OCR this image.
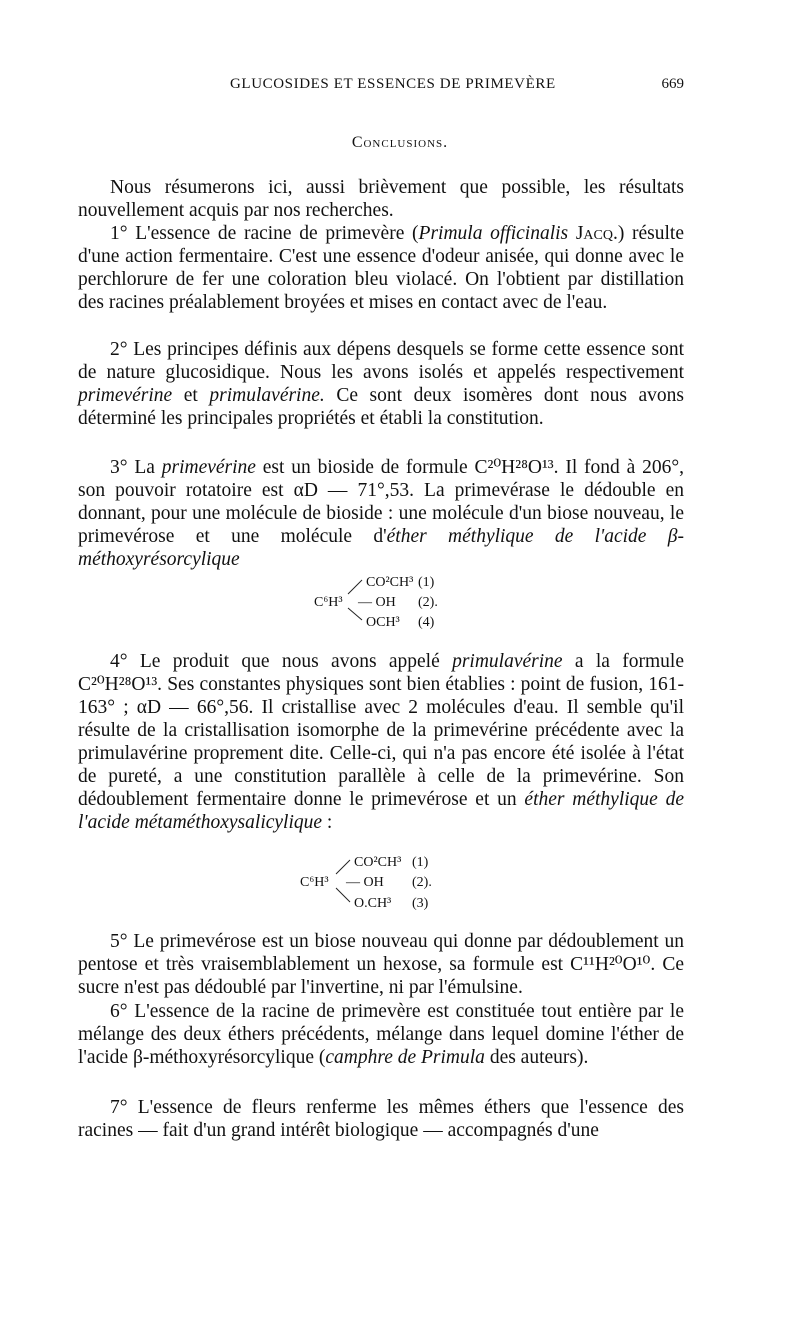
GLUCOSIDES ET ESSENCES DE PRIMEVÈRE	669
Conclusions.

Nous résumerons ici, aussi brièvement que possible, les résultats nouvellement acquis par nos recherches.

1° L'essence de racine de primevère (Primula officinalis Jacq.) résulte d'une action fermentaire. C'est une essence d'odeur anisée, qui donne avec le perchlorure de fer une coloration bleu violacé. On l'obtient par distillation des racines préalablement broyées et mises en contact avec de l'eau.

2° Les principes définis aux dépens desquels se forme cette essence sont de nature glucosidique. Nous les avons isolés et appelés respectivement primevérine et primulavérine. Ce sont deux isomères dont nous avons déterminé les principales propriétés et établi la constitution.

3° La primevérine est un bioside de formule C²⁰H²⁸O¹³. Il fond à 206°, son pouvoir rotatoire est αD — 71°,53. La primevérase le dédouble en donnant, pour une molécule de bioside : une molécule d'un biose nouveau, le primevérose et une molécule d'éther méthylique de l'acide β-méthoxyrésorcylique

C⁶H³
CO²CH³ (1)
— OH (2).
OCH³ (4)

4° Le produit que nous avons appelé primulavérine a la formule C²⁰H²⁸O¹³. Ses constantes physiques sont bien établies : point de fusion, 161-163° ; αD — 66°,56. Il cristallise avec 2 molécules d'eau. Il semble qu'il résulte de la cristallisation isomorphe de la primevérine précédente avec la primulavérine proprement dite. Celle-ci, qui n'a pas encore été isolée à l'état de pureté, a une constitution parallèle à celle de la primevérine. Son dédoublement fermentaire donne le primevérose et un éther méthylique de l'acide métaméthoxysalicylique :

C⁶H³
CO²CH³ (1)
— OH (2).
O.CH³ (3)

5° Le primevérose est un biose nouveau qui donne par dédoublement un pentose et très vraisemblablement un hexose, sa formule est C¹¹H²⁰O¹⁰. Ce sucre n'est pas dédoublé par l'invertine, ni par l'émulsine.

6° L'essence de la racine de primevère est constituée tout entière par le mélange des deux éthers précédents, mélange dans lequel domine l'éther de l'acide β-méthoxyrésorcylique (camphre de Primula des auteurs).

7° L'essence de fleurs renferme les mêmes éthers que l'essence des racines — fait d'un grand intérêt biologique — accompagnés d'une
